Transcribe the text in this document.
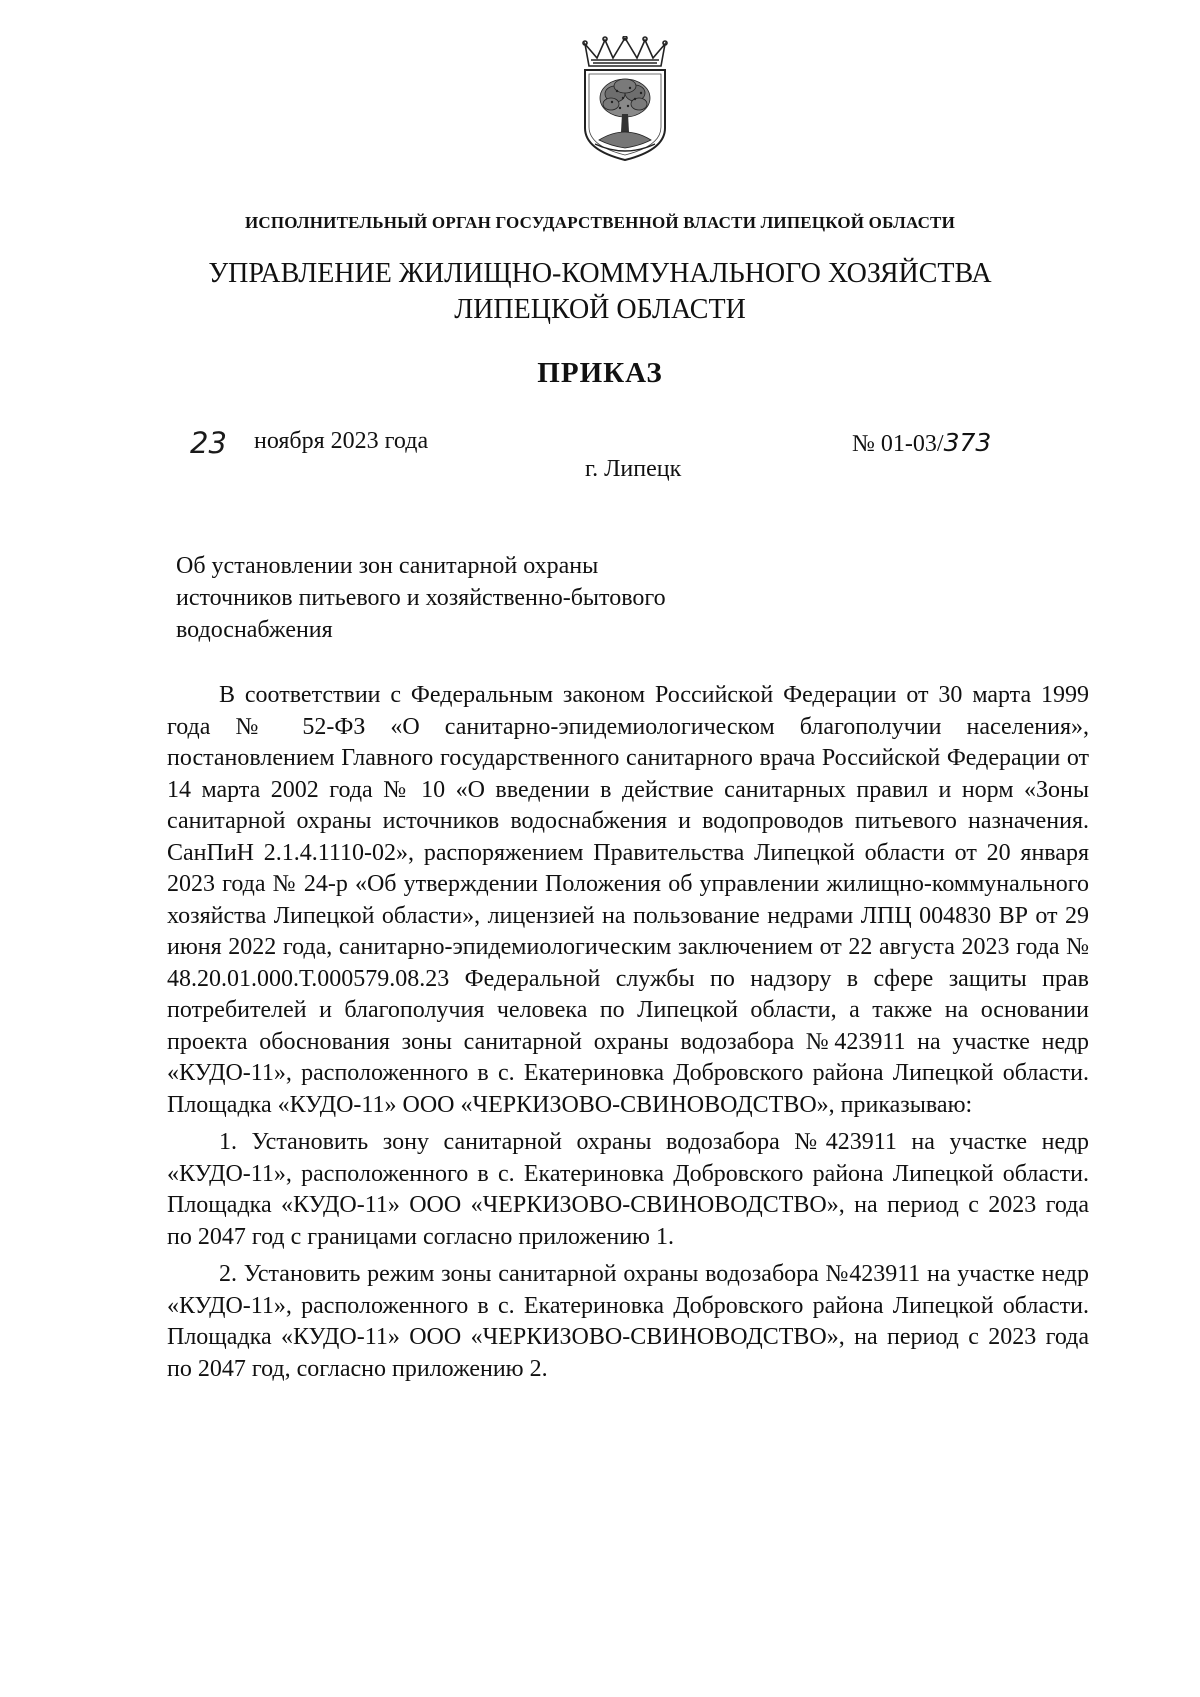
ИСПОЛНИТЕЛЬНЫЙ ОРГАН ГОСУДАРСТВЕННОЙ ВЛАСТИ ЛИПЕЦКОЙ ОБЛАСТИ
УПРАВЛЕНИЕ ЖИЛИЩНО-КОММУНАЛЬНОГО ХОЗЯЙСТВА
ЛИПЕЦКОЙ ОБЛАСТИ
ПРИКАЗ
23 ноября 2023 года
г. Липецк
№ 01-03/373
Об установлении зон санитарной охраны
источников питьевого и хозяйственно-бытового
водоснабжения

В соответствии с Федеральным законом Российской Федерации от 30 марта 1999 года № 52-ФЗ «О санитарно-эпидемиологическом благополучии населения», постановлением Главного государственного санитарного врача Российской Федерации от 14 марта 2002 года № 10 «О введении в действие санитарных правил и норм «Зоны санитарной охраны источников водоснабжения и водопроводов питьевого назначения. СанПиН 2.1.4.1110-02», распоряжением Правительства Липецкой области от 20 января 2023 года № 24-р «Об утверждении Положения об управлении жилищно-коммунального хозяйства Липецкой области», лицензией на пользование недрами ЛПЦ 004830 ВР от 29 июня 2022 года, санитарно-эпидемиологическим заключением от 22 августа 2023 года № 48.20.01.000.Т.000579.08.23 Федеральной службы по надзору в сфере защиты прав потребителей и благополучия человека по Липецкой области, а также на основании проекта обоснования зоны санитарной охраны водозабора №423911 на участке недр «КУДО-11», расположенного в с. Екатериновка Добровского района Липецкой области. Площадка «КУДО-11» ООО «ЧЕРКИЗОВО-СВИНОВОДСТВО», приказываю:

1. Установить зону санитарной охраны водозабора №423911 на участке недр «КУДО-11», расположенного в с. Екатериновка Добровского района Липецкой области. Площадка «КУДО-11» ООО «ЧЕРКИЗОВО-СВИНОВОДСТВО», на период с 2023 года по 2047 год с границами согласно приложению 1.

2. Установить режим зоны санитарной охраны водозабора №423911 на участке недр «КУДО-11», расположенного в с. Екатериновка Добровского района Липецкой области. Площадка «КУДО-11» ООО «ЧЕРКИЗОВО-СВИНОВОДСТВО», на период с 2023 года по 2047 год, согласно приложению 2.
